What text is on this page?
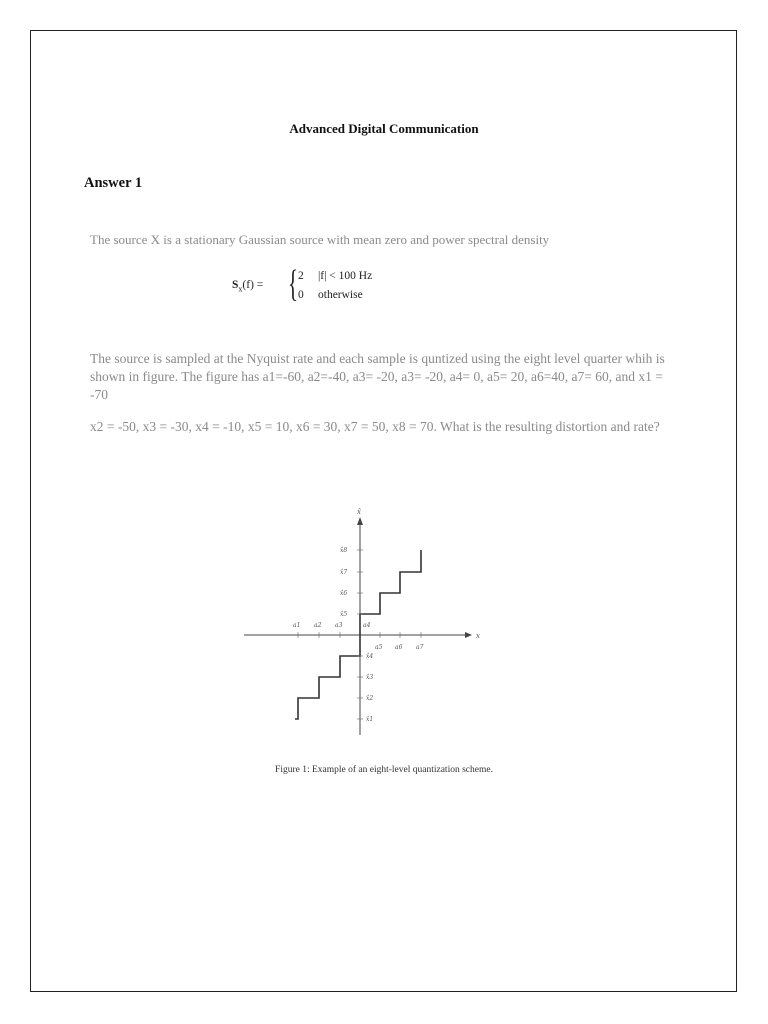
Advanced Digital Communication
Answer 1
The source X is a stationary Gaussian source with mean zero and power spectral density
$S_x(f)$ = { 2 |f| < 100 Hz
0 otherwise
The source is sampled at the Nyquist rate and each sample is quntized using the eight level quarter whih is shown in figure. The figure has a1=-60, a2=-40, a3= -20, a3= -20, a4= 0, a5= 20, a6=40, a7= 60, and x1 = -70
x2 = -50, x3 = -30, x4 = -10, x5 = 10, x6 = 30, x7 = 50, x8 = 70. What is the resulting distortion and rate?
x
x̂
a1 a2 a3	a4
a5 a6 a7
x̂8
x̂7
x̂6
x̂5
x̂4
x̂3
x̂2
x̂1
Figure 1: Example of an eight-level quantization scheme.
